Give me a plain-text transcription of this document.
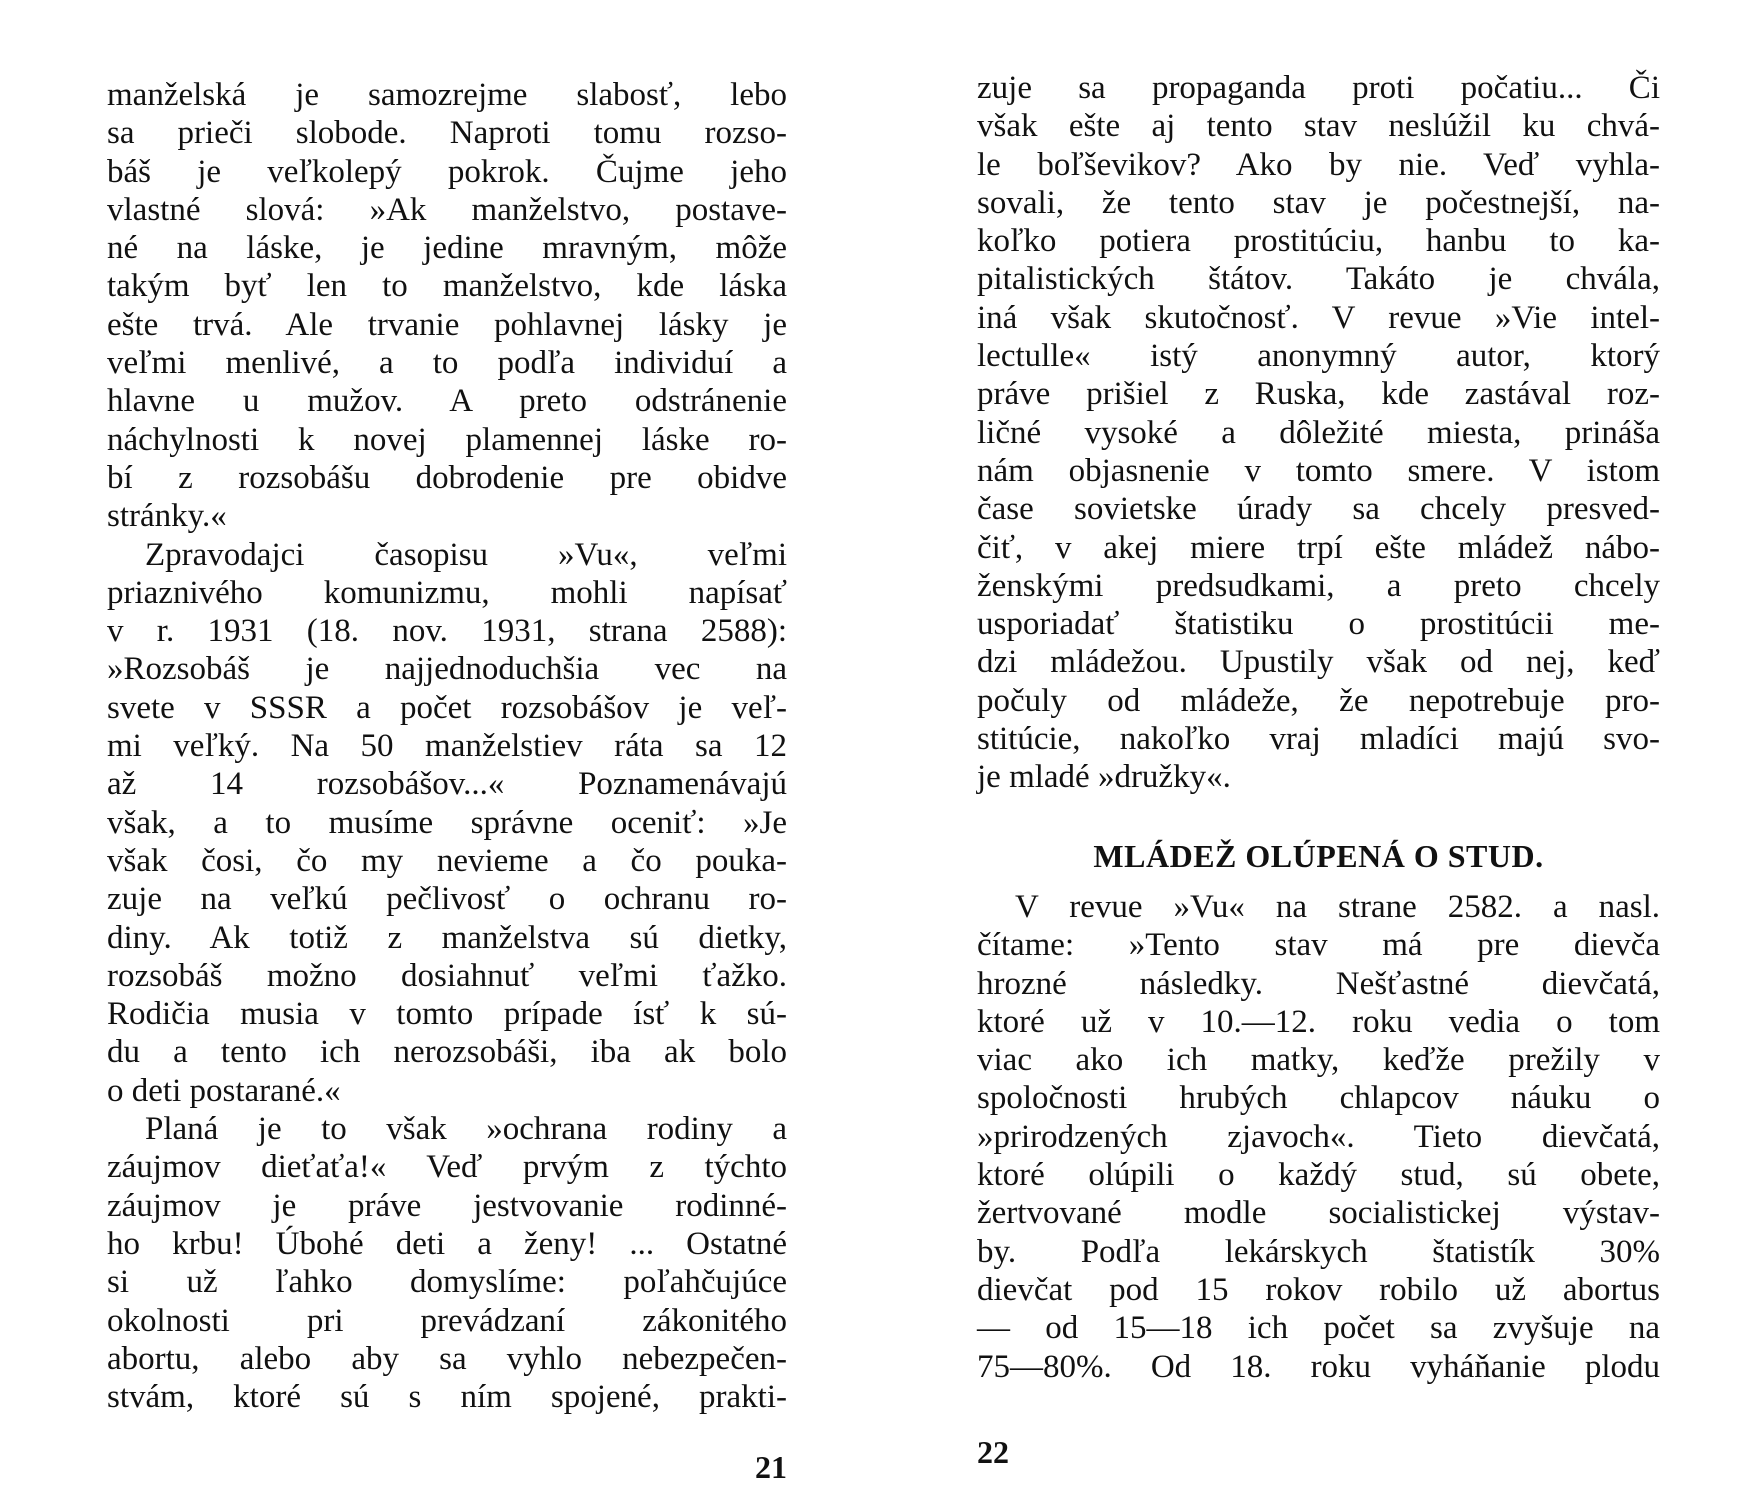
manželská je samozrejme slabosť, lebo
sa prieči slobode. Naproti tomu rozso-
báš je veľkolepý pokrok. Čujme jeho
vlastné slová: »Ak manželstvo, postave-
né na láske, je jedine mravným, môže
takým byť len to manželstvo, kde láska
ešte trvá. Ale trvanie pohlavnej lásky je
veľmi menlivé, a to podľa individuí a
hlavne u mužov. A preto odstránenie
náchylnosti k novej plamennej láske ro-
bí z rozsobášu dobrodenie pre obidve
stránky.«
Zpravodajci časopisu »Vu«, veľmi
priaznivého komunizmu, mohli napísať
v r. 1931 (18. nov. 1931, strana 2588):
»Rozsobáš je najjednoduchšia vec na
svete v SSSR a počet rozsobášov je veľ-
mi veľký. Na 50 manželstiev ráta sa 12
až 14 rozsobášov...« Poznamenávajú
však, a to musíme správne oceniť: »Je
však čosi, čo my nevieme a čo pouka-
zuje na veľkú pečlivosť o ochranu ro-
diny. Ak totiž z manželstva sú dietky,
rozsobáš možno dosiahnuť veľmi ťažko.
Rodičia musia v tomto prípade ísť k sú-
du a tento ich nerozsobáši, iba ak bolo
o deti postarané.«
Planá je to však »ochrana rodiny a
záujmov dieťaťa!« Veď prvým z týchto
záujmov je práve jestvovanie rodinné-
ho krbu! Úbohé deti a ženy! ... Ostatné
si už ľahko domyslíme: poľahčujúce
okolnosti pri prevádzaní zákonitého
abortu, alebo aby sa vyhlo nebezpečen-
stvám, ktoré sú s ním spojené, prakti-
21
zuje sa propaganda proti počatiu... Či
však ešte aj tento stav neslúžil ku chvá-
le boľševikov? Ako by nie. Veď vyhla-
sovali, že tento stav je počestnejší, na-
koľko potiera prostitúciu, hanbu to ka-
pitalistických štátov. Takáto je chvála,
iná však skutočnosť. V revue »Vie intel-
lectulle« istý anonymný autor, ktorý
práve prišiel z Ruska, kde zastával roz-
ličné vysoké a dôležité miesta, prináša
nám objasnenie v tomto smere. V istom
čase sovietske úrady sa chcely presved-
čiť, v akej miere trpí ešte mládež nábo-
ženskými predsudkami, a preto chcely
usporiadať štatistiku o prostitúcii me-
dzi mládežou. Upustily však od nej, keď
počuly od mládeže, že nepotrebuje pro-
stitúcie, nakoľko vraj mladíci majú svo-
je mladé »družky«.
MLÁDEŽ OLÚPENÁ O STUD.
V revue »Vu« na strane 2582. a nasl.
čítame: »Tento stav má pre dievča
hrozné následky. Nešťastné dievčatá,
ktoré už v 10.—12. roku vedia o tom
viac ako ich matky, keďže prežily v
spoločnosti hrubých chlapcov náuku o
»prirodzených zjavoch«. Tieto dievčatá,
ktoré olúpili o každý stud, sú obete,
žertvované modle socialistickej výstav-
by. Podľa lekárskych štatistík 30%
dievčat pod 15 rokov robilo už abortus
— od 15—18 ich počet sa zvyšuje na
75—80%. Od 18. roku vyháňanie plodu
22
